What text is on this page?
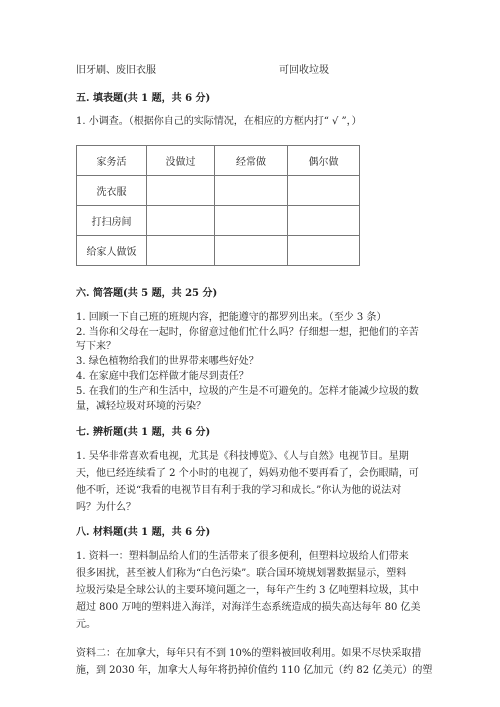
旧牙刷、废旧衣服	可回收垃圾
五. 填表题(共 1 题，共 6 分)
1. 小调查。（根据你自己的实际情况，在相应的方框内打“ √ ”，）
家务活	没做过	经常做	偶尔做
洗衣服			
打扫房间			
给家人做饭			
六. 简答题(共 5 题，共 25 分)
1. 回顾一下自己班的班规内容，把能遵守的都罗列出来。（至少 3 条）
2. 当你和父母在一起时，你留意过他们忙什么吗？仔细想一想，把他们的辛苦
写下来？
3. 绿色植物给我们的世界带来哪些好处？
4. 在家庭中我们怎样做才能尽到责任？
5. 在我们的生产和生活中，垃圾的产生是不可避免的。怎样才能减少垃圾的数
量，减轻垃圾对环境的污染？
七. 辨析题(共 1 题，共 6 分)
1. 吴华非常喜欢看电视，尤其是《科技博览》、《人与自然》电视节目。星期
天，他已经连续看了 2 个小时的电视了，妈妈劝他不要再看了，会伤眼睛，可
他不听，还说“我看的电视节目有利于我的学习和成长。”你认为他的说法对
吗？为什么？
八. 材料题(共 1 题，共 6 分)
1. 资料一：塑料制品给人们的生活带来了很多便利，但塑料垃圾给人们带来
很多困扰，甚至被人们称为“白色污染”。联合国环境规划署数据显示，塑料
垃圾污染是全球公认的主要环境问题之一，每年产生约 3 亿吨塑料垃圾，其中
超过 800 万吨的塑料进入海洋，对海洋生态系统造成的损失高达每年 80 亿美
元。
资料二：在加拿大，每年只有不到 10%的塑料被回收利用。如果不尽快采取措
施，到 2030 年，加拿大人每年将扔掉价值约 110 亿加元（约 82 亿美元）的塑
